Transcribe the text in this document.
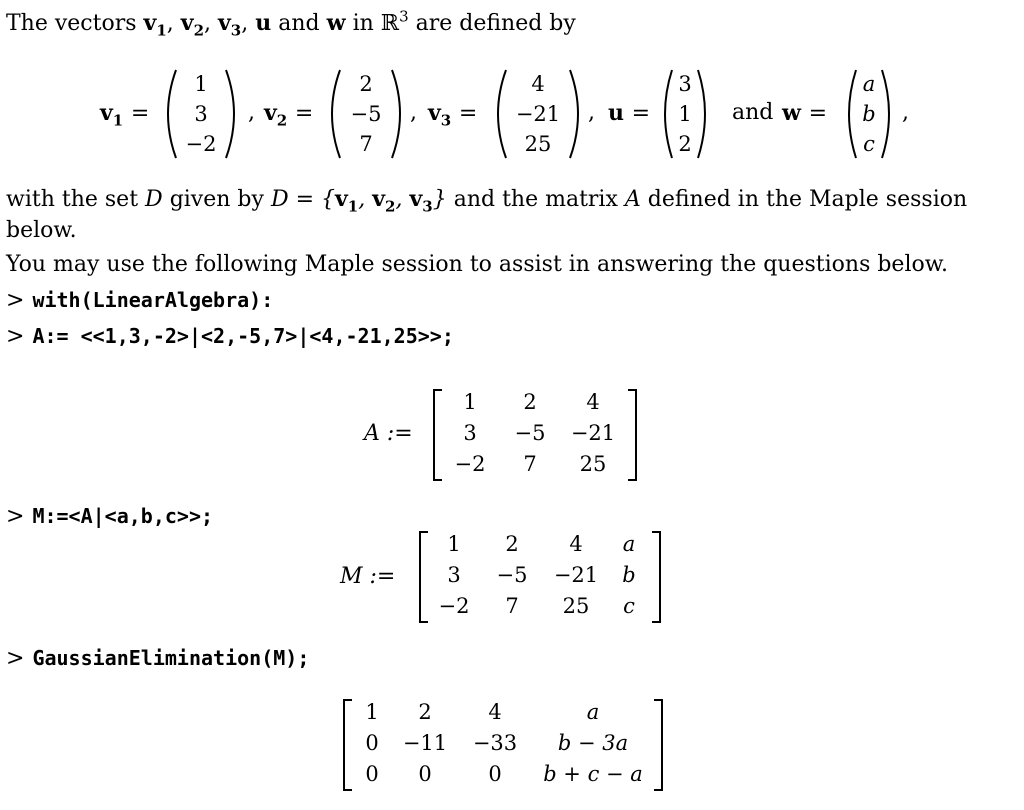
The vectors $v_1$, $v_2$, $v_3$, u and w in ℝ$^3$ are defined by
$v_1$ =
1
3
−2
, $v_2$ =
2
−5
7
, $v_3$ =
4
−21
25
, u =
3
1
2
and w =
a
b
c
,
with the set D given by $D = \{v_1$, $v_2$, $v_3$} and the matrix A defined in the Maple session
below.
You may use the following Maple session to assist in answering the questions below.
> with(LinearAlgebra):
> A:= <<1,3,-2>|<2,-5,7>|<4,-21,25>>;
A :=
1	2	4
3	−5 −21
−2	7	25
> M:=<A|<a,b,c>>;
M :=
1	2	4	a
3	−5 −21	b
−2	7	25	c
> GaussianElimination(M);
1	2	4	a
0	−11	−33	b − 3a
0	0	0	b + c − a
